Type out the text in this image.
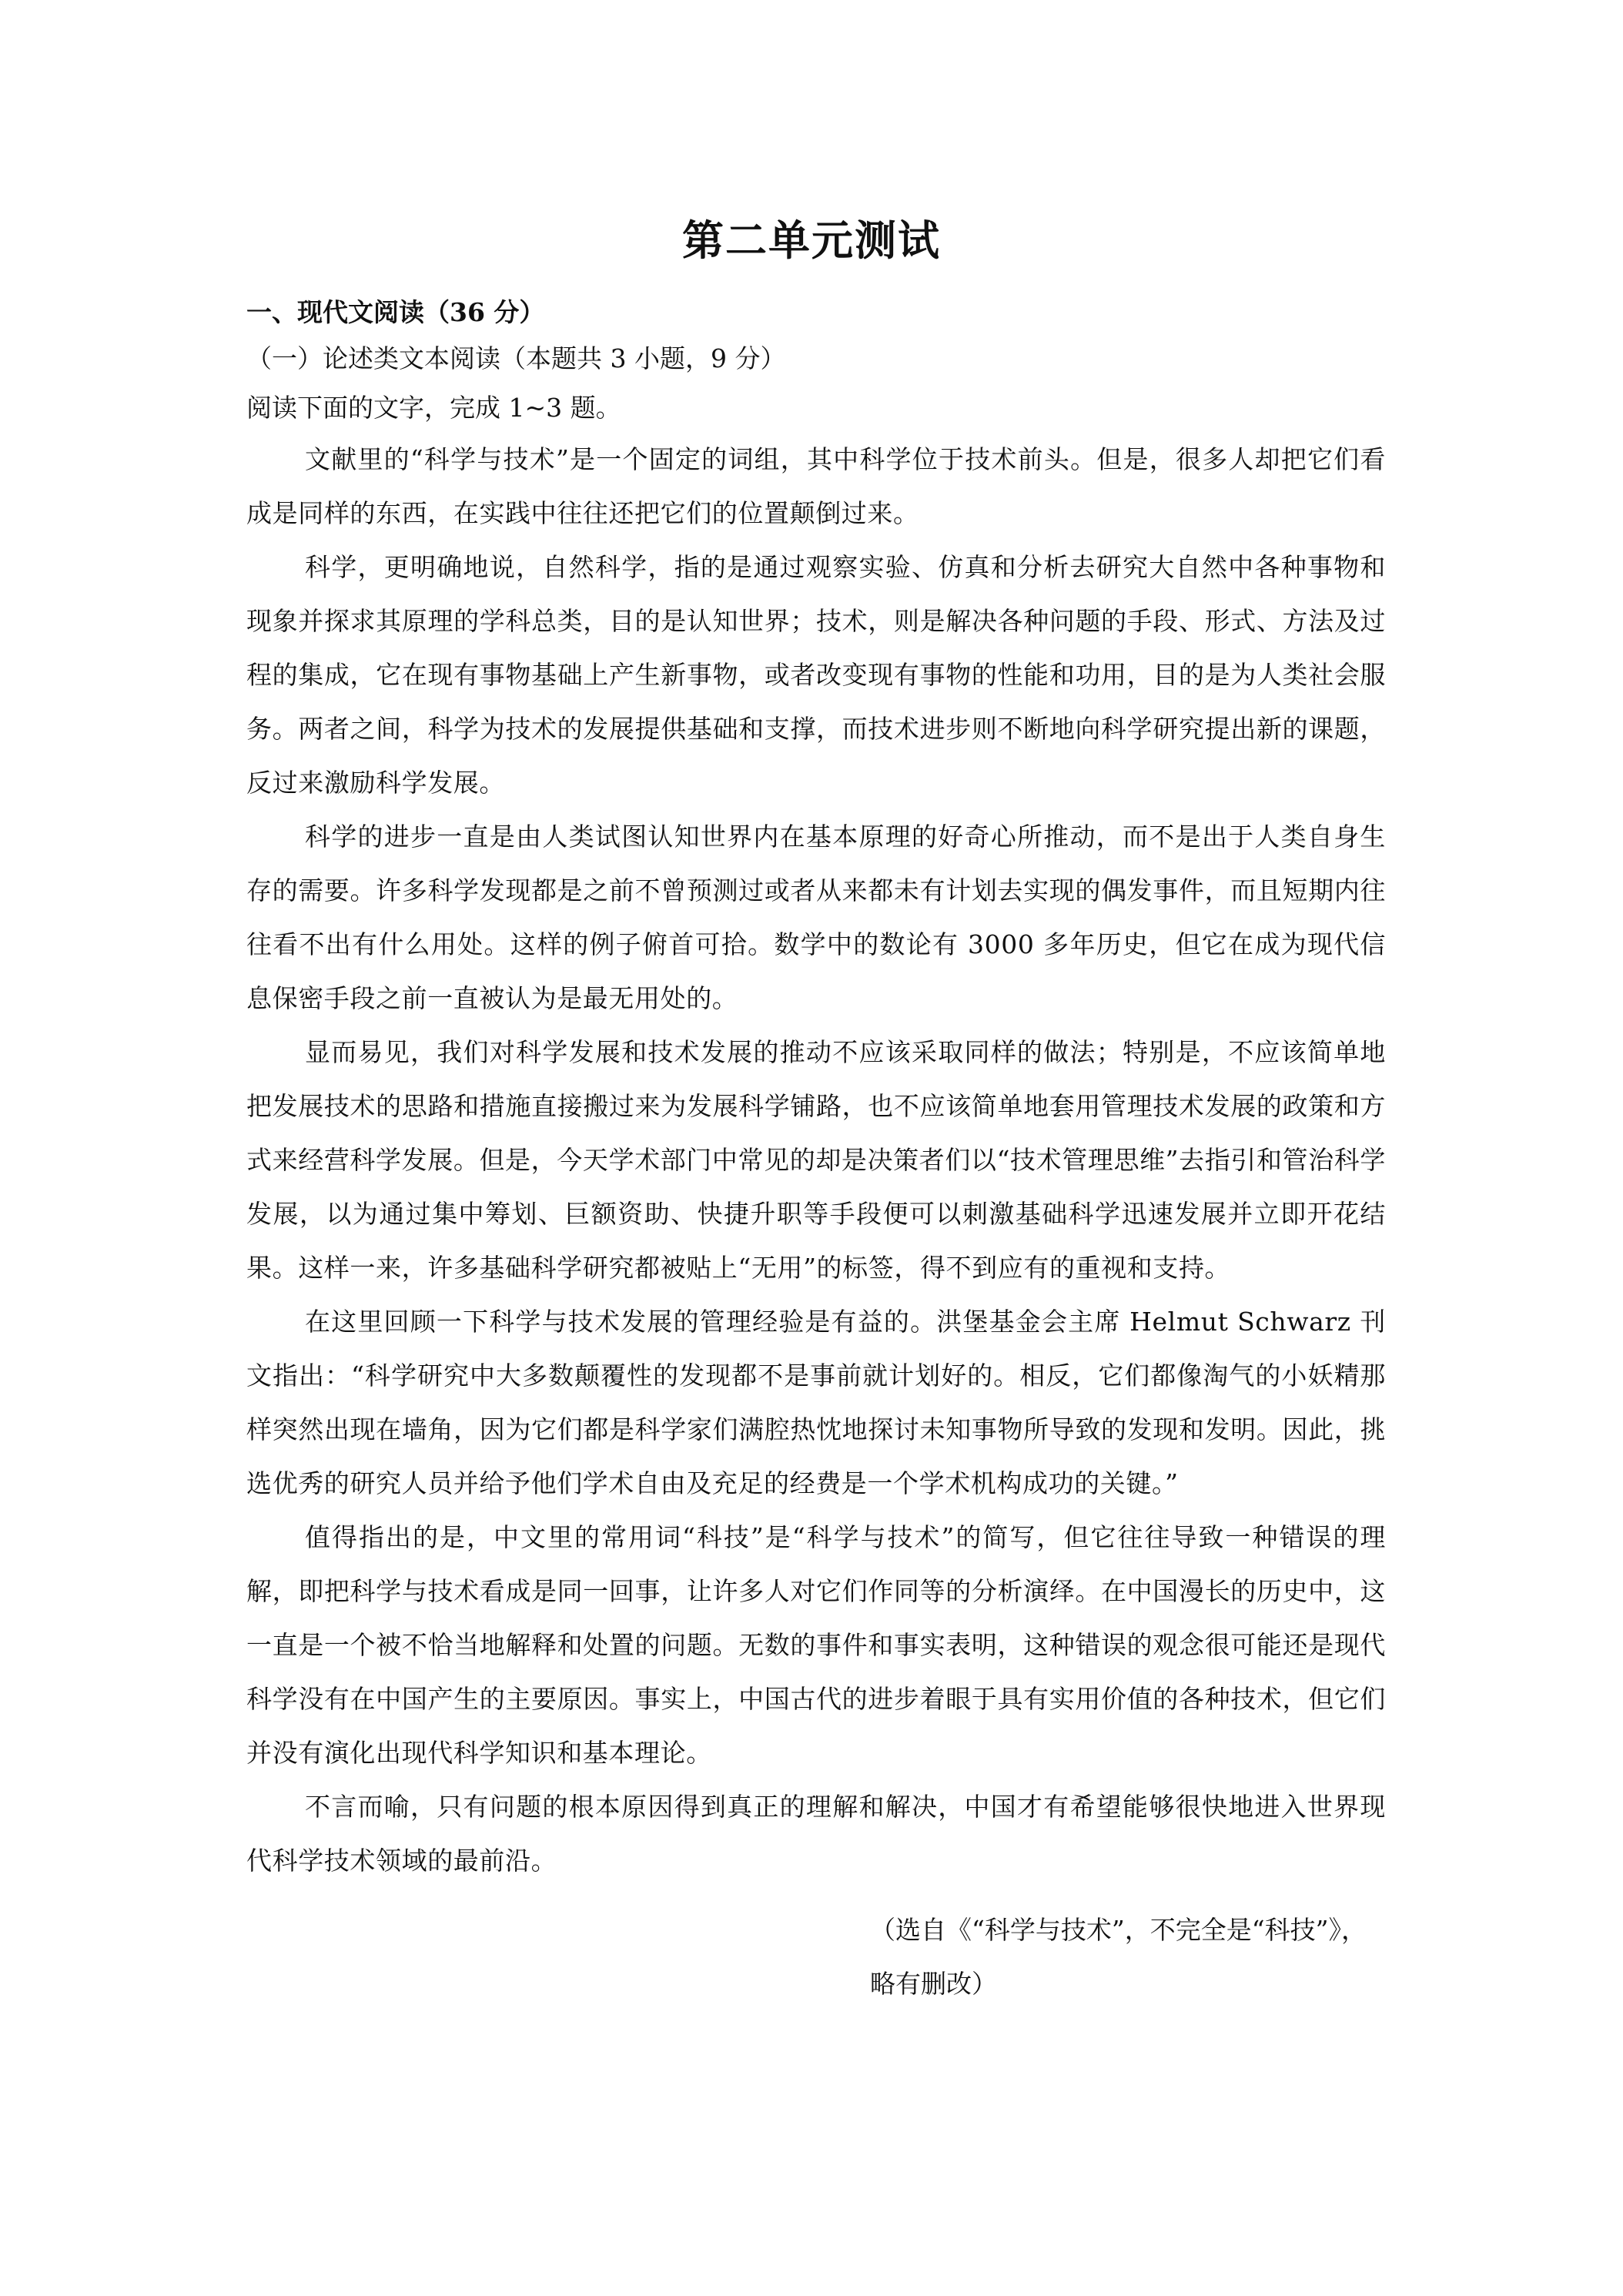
第二单元测试

一、现代文阅读（36 分）

（一）论述类文本阅读（本题共 3 小题，9 分）

阅读下面的文字，完成 1~3 题。

文献里的“科学与技术”是一个固定的词组，其中科学位于技术前头。但是，很多人却把它们看成是同样的东西，在实践中往往还把它们的位置颠倒过来。

科学，更明确地说，自然科学，指的是通过观察实验、仿真和分析去研究大自然中各种事物和现象并探求其原理的学科总类，目的是认知世界；技术，则是解决各种问题的手段、形式、方法及过程的集成，它在现有事物基础上产生新事物，或者改变现有事物的性能和功用，目的是为人类社会服务。两者之间，科学为技术的发展提供基础和支撑，而技术进步则不断地向科学研究提出新的课题，反过来激励科学发展。

科学的进步一直是由人类试图认知世界内在基本原理的好奇心所推动，而不是出于人类自身生存的需要。许多科学发现都是之前不曾预测过或者从来都未有计划去实现的偶发事件，而且短期内往往看不出有什么用处。这样的例子俯首可拾。数学中的数论有 3000 多年历史，但它在成为现代信息保密手段之前一直被认为是最无用处的。

显而易见，我们对科学发展和技术发展的推动不应该采取同样的做法；特别是，不应该简单地把发展技术的思路和措施直接搬过来为发展科学铺路，也不应该简单地套用管理技术发展的政策和方式来经营科学发展。但是，今天学术部门中常见的却是决策者们以“技术管理思维”去指引和管治科学发展，以为通过集中筹划、巨额资助、快捷升职等手段便可以刺激基础科学迅速发展并立即开花结果。这样一来，许多基础科学研究都被贴上“无用”的标签，得不到应有的重视和支持。

在这里回顾一下科学与技术发展的管理经验是有益的。洪堡基金会主席 Helmut Schwarz 刊文指出：“科学研究中大多数颠覆性的发现都不是事前就计划好的。相反，它们都像淘气的小妖精那样突然出现在墙角，因为它们都是科学家们满腔热忱地探讨未知事物所导致的发现和发明。因此，挑选优秀的研究人员并给予他们学术自由及充足的经费是一个学术机构成功的关键。”

值得指出的是，中文里的常用词“科技”是“科学与技术”的简写，但它往往导致一种错误的理解，即把科学与技术看成是同一回事，让许多人对它们作同等的分析演绎。在中国漫长的历史中，这一直是一个被不恰当地解释和处置的问题。无数的事件和事实表明，这种错误的观念很可能还是现代科学没有在中国产生的主要原因。事实上，中国古代的进步着眼于具有实用价值的各种技术，但它们并没有演化出现代科学知识和基本理论。

不言而喻，只有问题的根本原因得到真正的理解和解决，中国才有希望能够很快地进入世界现代科学技术领域的最前沿。

（选自《“科学与技术”，不完全是“科技”》，
略有删改）
